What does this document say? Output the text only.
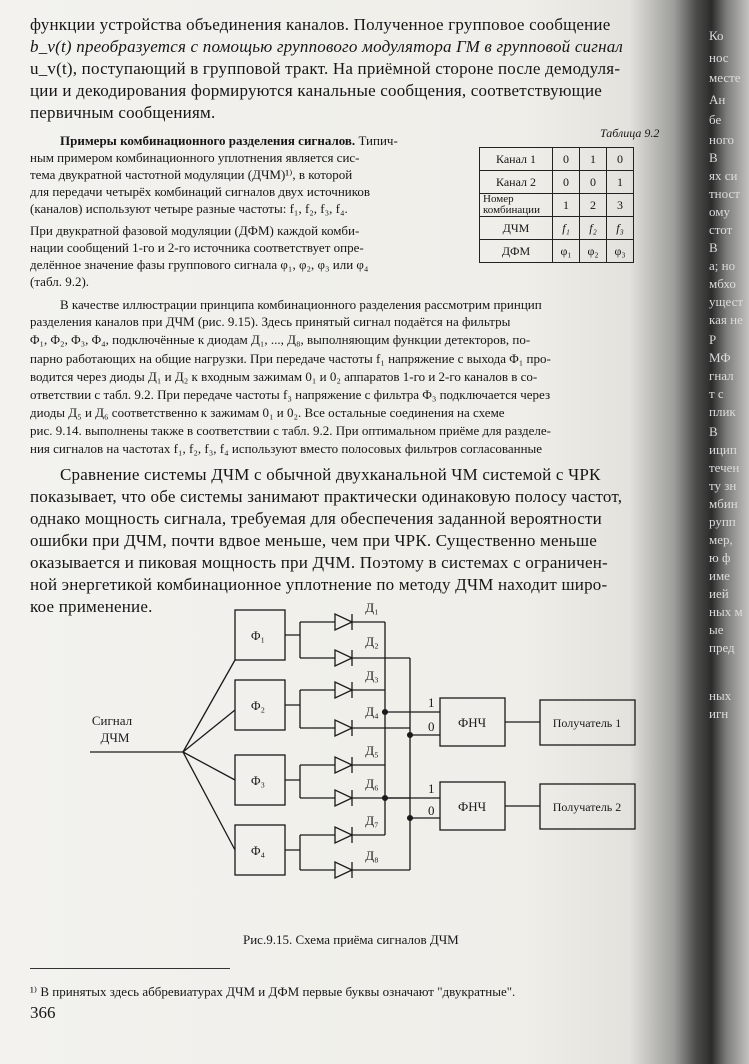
функции устройства объединения каналов. Полученное групповое сообщение
b_v(t) преобразуется с помощью группового модулятора ГМ в групповой сигнал
u_v(t), поступающий в групповой тракт. На приёмной стороне после демодуля-
ции и декодирования формируются канальные сообщения, соответствующие
первичным сообщениям.
Примеры комбинационного разделения сигналов. Типич-
ным примером комбинационного уплотнения является сис-
тема двукратной частотной модуляции (ДЧМ)¹⁾, в которой
для передачи четырёх комбинаций сигналов двух источников
(каналов) используют четыре разные частоты: f₁, f₂, f₃, f₄.
При двукратной фазовой модуляции (ДФМ) каждой комби-
нации сообщений 1-го и 2-го источника соответствует опре-
делённое значение фазы группового сигнала φ₁, φ₂, φ₃ или φ₄
(табл. 9.2).
Таблица 9.2
Канал 1	0	1	0
Канал 2	0	0	1
Номер комбинации	1	2	3
ДЧМ	f₁	f₂	f₃
ДФМ	φ₁	φ₂	φ₃
В качестве иллюстрации принципа комбинационного разделения рассмотрим принцип
разделения каналов при ДЧМ (рис. 9.15). Здесь принятый сигнал подаётся на фильтры
Φ₁, Φ₂, Φ₃, Φ₄, подключённые к диодам Д₁, ..., Д₈, выполняющим функции детекторов, по-
парно работающих на общие нагрузки. При передаче частоты f₁ напряжение с выхода Φ₁ про-
водится через диоды Д₁ и Д₂ к входным зажимам 0₁ и 0₂ аппаратов 1-го и 2-го каналов в со-
ответствии с табл. 9.2. При передаче частоты f₃ напряжение с фильтра Φ₃ подключается через
диоды Д₅ и Д₆ соответственно к зажимам 0₁ и 0₂. Все остальные соединения на схеме
рис. 9.14. выполнены также в соответствии с табл. 9.2. При оптимальном приёме для разделе-
ния сигналов на частотах f₁, f₂, f₃, f₄ используют вместо полосовых фильтров согласованные
Сравнение системы ДЧМ с обычной двухканальной ЧМ системой с ЧРК
показывает, что обе системы занимают практически одинаковую полосу частот,
однако мощность сигнала, требуемая для обеспечения заданной вероятности
ошибки при ДЧМ, почти вдвое меньше, чем при ЧРК. Существенно меньше
оказывается и пиковая мощность при ДЧМ. Поэтому в системах с ограничен-
ной энергетикой комбинационное уплотнение по методу ДЧМ находит широ-
кое применение.
Сигнал
ДЧМ
Φ₁
Φ₂
Φ₃
Φ₄
Д₁
Д₂
Д₃
Д₄
Д₅
Д₆
Д₇
Д₈
1
0
1
0
ФНЧ
ФНЧ
Получатель 1
Получатель 2
Рис.9.15. Схема приёма сигналов ДЧМ
¹⁾ В принятых здесь аббревиатурах ДЧМ и ДФМ первые буквы означают "двукратные".
366
Ко
нос
местe
Ан
бе
ного
В
ях си
тност
ому
стот
В
а; но
мбхо
ущест
кая не
Р
МФ
гнал
т с
плик
В
ицип
течен
ту зн
мбин
рупп
мер,
ю ф
име
ией
ных м
ые
пред
ных
игн
